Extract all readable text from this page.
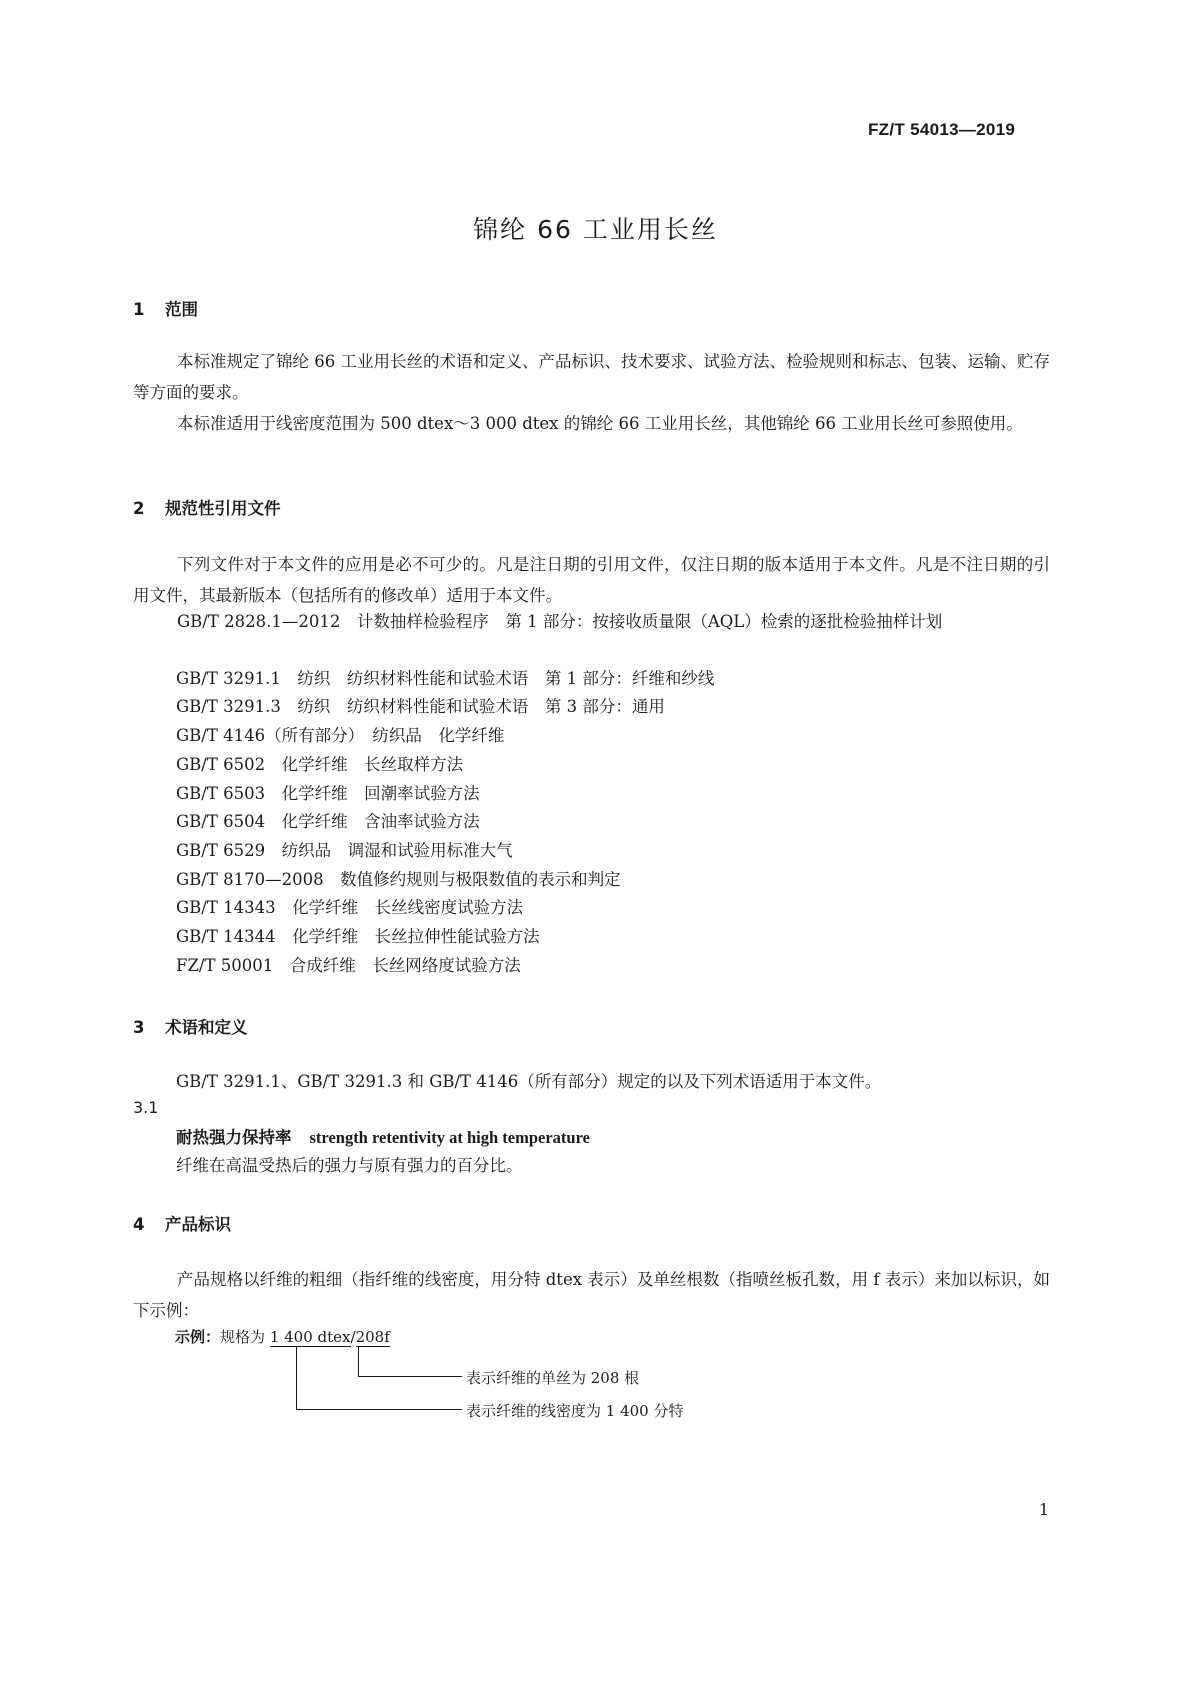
FZ/T 54013—2019
锦纶 66 工业用长丝
1 范围
本标准规定了锦纶 66 工业用长丝的术语和定义、产品标识、技术要求、试验方法、检验规则和标志、包装、运输、贮存等方面的要求。
本标准适用于线密度范围为 500 dtex～3 000 dtex 的锦纶 66 工业用长丝，其他锦纶 66 工业用长丝可参照使用。
2 规范性引用文件
下列文件对于本文件的应用是必不可少的。凡是注日期的引用文件，仅注日期的版本适用于本文件。凡是不注日期的引用文件，其最新版本（包括所有的修改单）适用于本文件。
GB/T 2828.1—2012　计数抽样检验程序　第 1 部分：按接收质量限（AQL）检索的逐批检验抽样计划
GB/T 3291.1　纺织　纺织材料性能和试验术语　第 1 部分：纤维和纱线
GB/T 3291.3　纺织　纺织材料性能和试验术语　第 3 部分：通用
GB/T 4146（所有部分）　纺织品　化学纤维
GB/T 6502　化学纤维　长丝取样方法
GB/T 6503　化学纤维　回潮率试验方法
GB/T 6504　化学纤维　含油率试验方法
GB/T 6529　纺织品　调湿和试验用标准大气
GB/T 8170—2008　数值修约规则与极限数值的表示和判定
GB/T 14343　化学纤维　长丝线密度试验方法
GB/T 14344　化学纤维　长丝拉伸性能试验方法
FZ/T 50001　合成纤维　长丝网络度试验方法
3 术语和定义
GB/T 3291.1、GB/T 3291.3 和 GB/T 4146（所有部分）规定的以及下列术语适用于本文件。
3.1
耐热强力保持率 strength retentivity at high temperature
纤维在高温受热后的强力与原有强力的百分比。
4 产品标识
产品规格以纤维的粗细（指纤维的线密度，用分特 dtex 表示）及单丝根数（指喷丝板孔数，用 f 表示）来加以标识，如下示例：
示例：规格为 1 400 dtex/208f
表示纤维的单丝为 208 根
表示纤维的线密度为 1 400 分特
1
